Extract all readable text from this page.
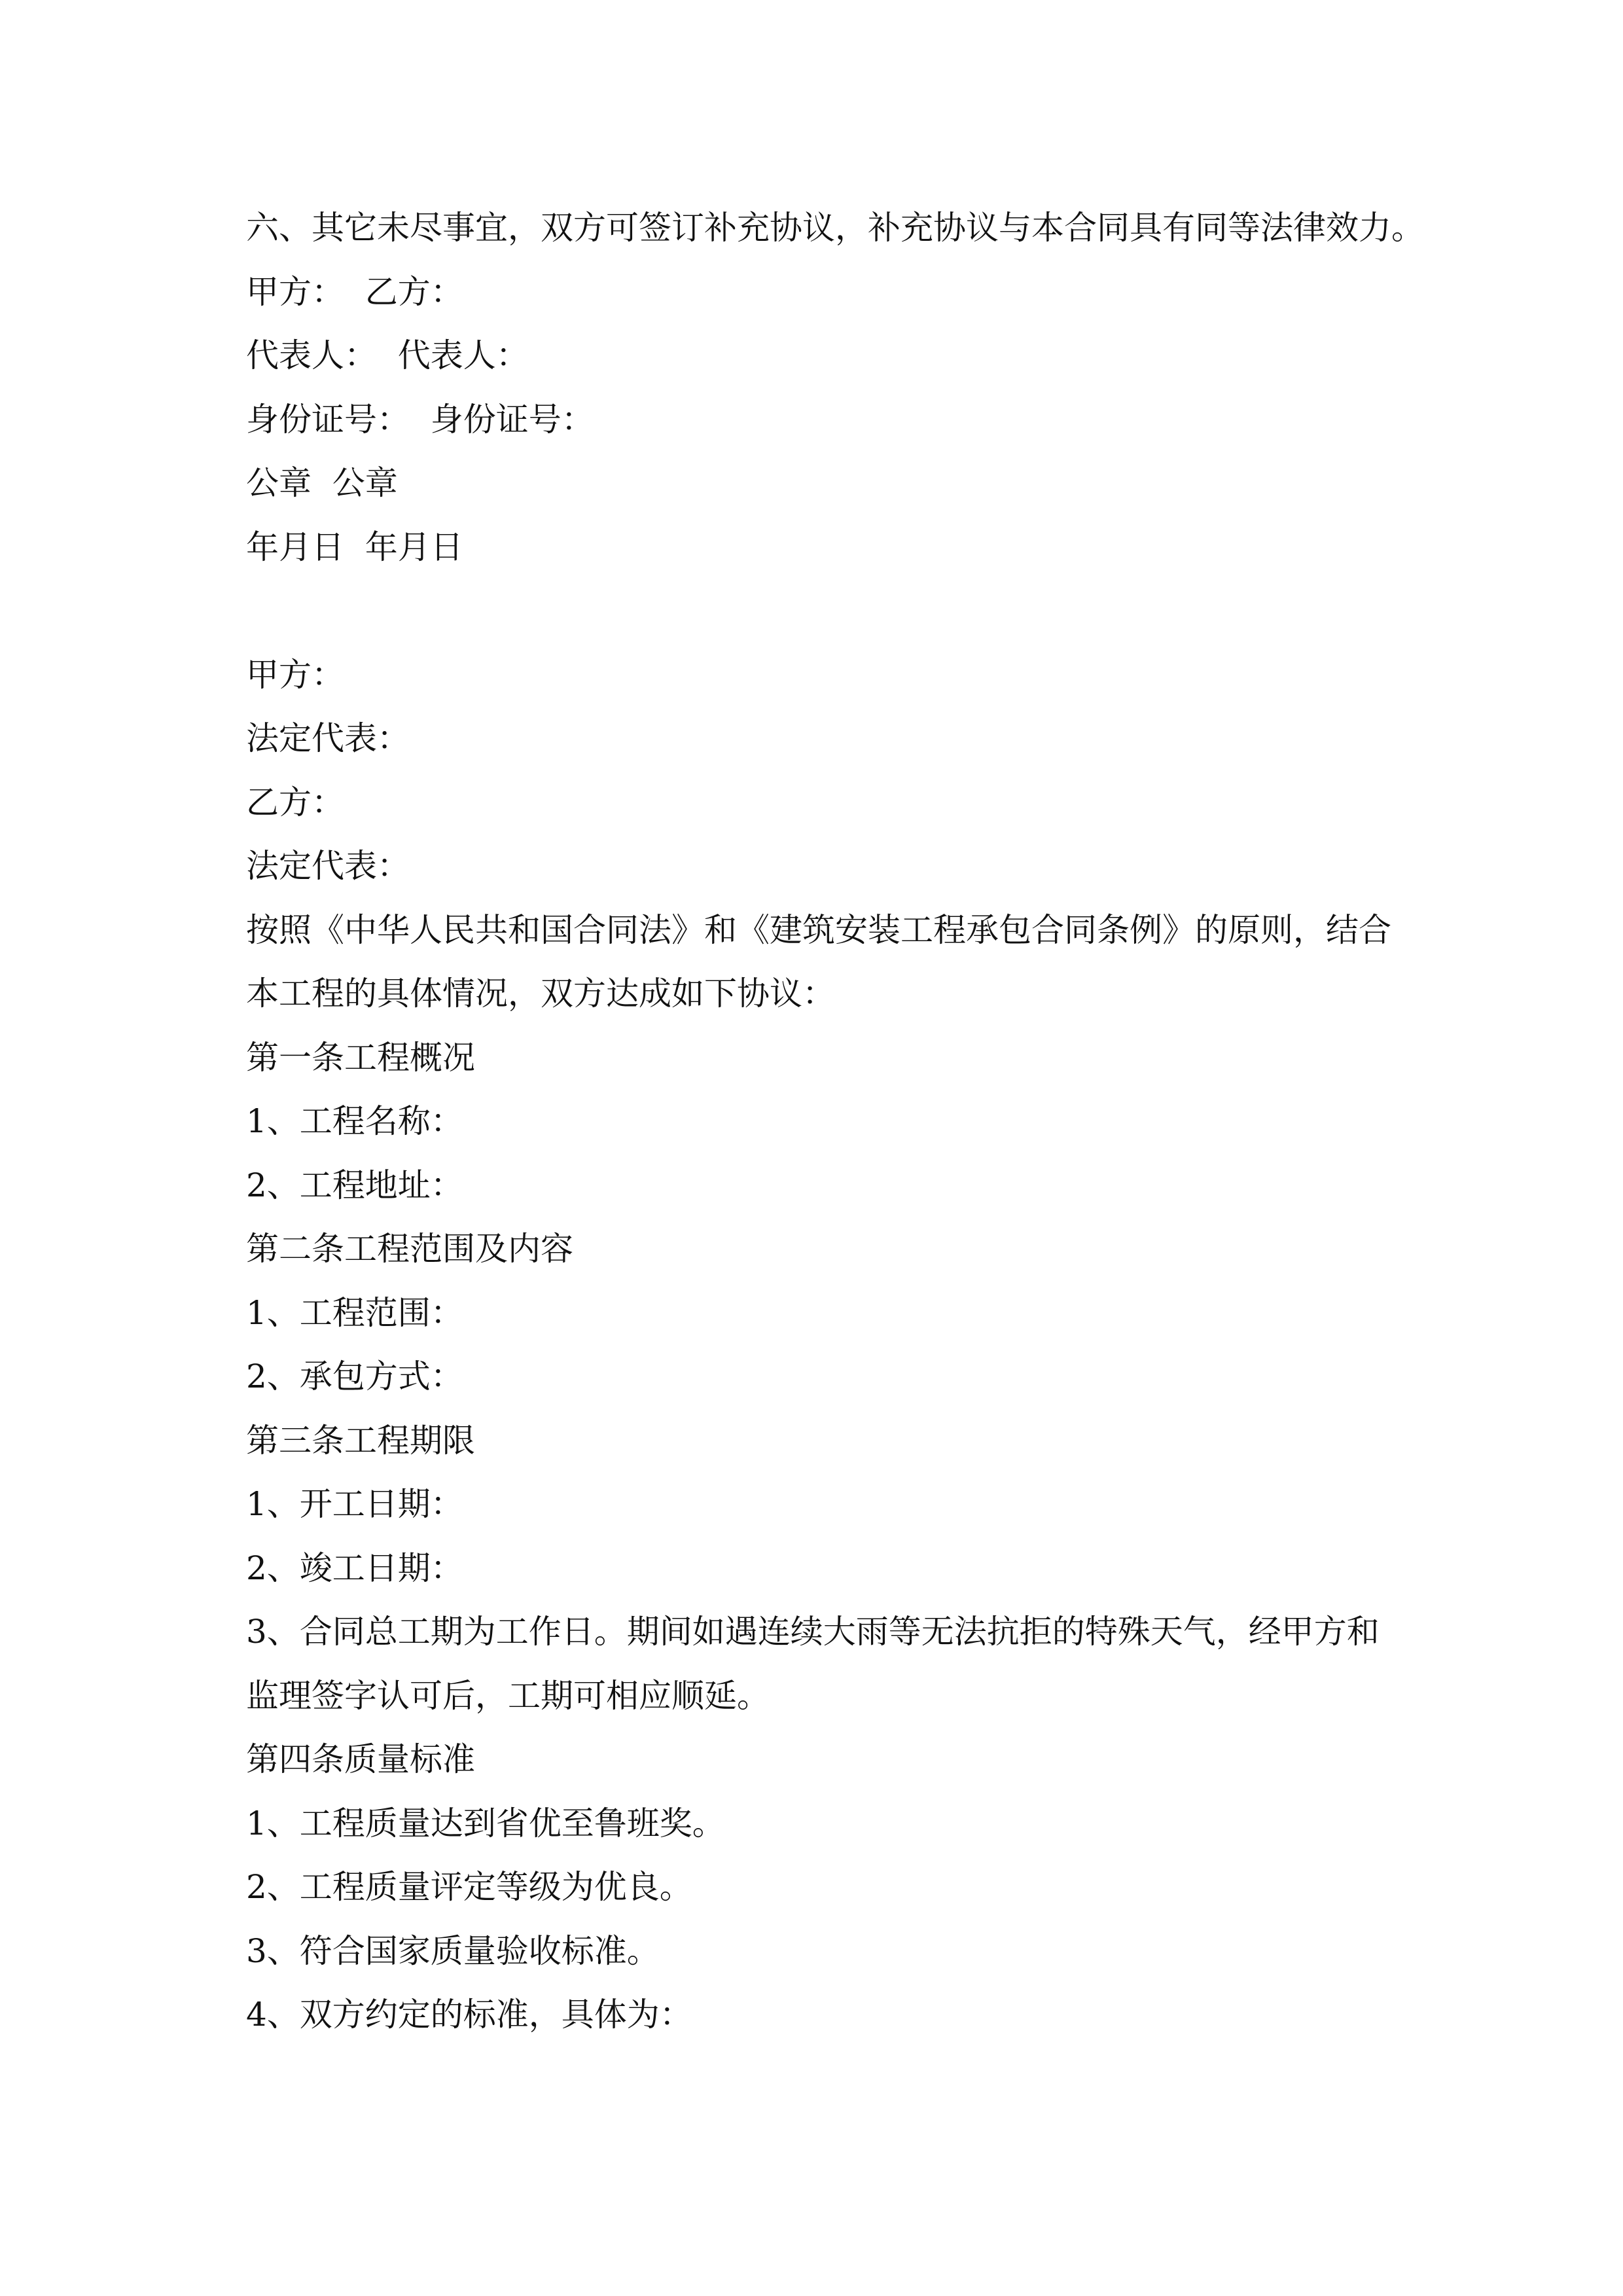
六、其它未尽事宜，双方可签订补充协议，补充协议与本合同具有同等法律效力。
甲方：  乙方：
代表人：  代表人：
身份证号：  身份证号：
公章  公章
年月日  年月日
甲方：
法定代表：
乙方：
法定代表：
按照《中华人民共和国合同法》和《建筑安装工程承包合同条例》的原则，结合
本工程的具体情况，双方达成如下协议：
第一条工程概况
1、工程名称：
2、工程地址：
第二条工程范围及内容
1、工程范围：
2、承包方式：
第三条工程期限
1、开工日期：
2、竣工日期：
3、合同总工期为工作日。期间如遇连续大雨等无法抗拒的特殊天气，经甲方和
监理签字认可后，工期可相应顺延。
第四条质量标准
1、工程质量达到省优至鲁班奖。
2、工程质量评定等级为优良。
3、符合国家质量验收标准。
4、双方约定的标准，具体为：
